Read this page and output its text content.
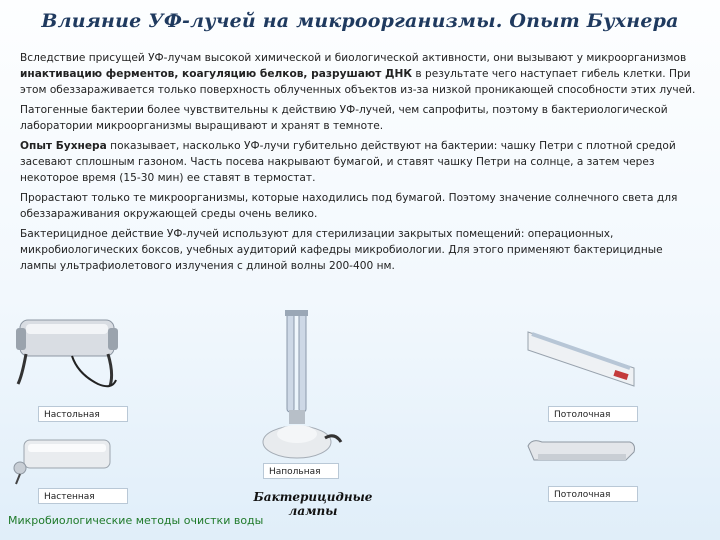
Влияние УФ-лучей на микроорганизмы. Опыт Бухнера

Вследствие присущей УФ-лучам высокой химической и биологической активности, они вызывают у микроорганизмов инактивацию ферментов, коагуляцию белков, разрушают ДНК в результате чего наступает гибель клетки. При этом обеззараживается только поверхность облученных объектов из-за низкой проникающей способности этих лучей.

Патогенные бактерии более чувствительны к действию УФ-лучей, чем сапрофиты, поэтому в бактериологической лаборатории микроорганизмы выращивают и хранят в темноте.

Опыт Бухнера показывает, насколько УФ-лучи губительно действуют на бактерии: чашку Петри с плотной средой засевают сплошным газоном. Часть посева накрывают бумагой, и ставят чашку Петри на солнце, а затем через некоторое время (15-30 мин) ее ставят в термостат.

Прорастают только те микроорганизмы, которые находились под бумагой. Поэтому значение солнечного света для обеззараживания окружающей среды очень велико.

Бактерицидное действие УФ-лучей используют для стерилизации закрытых помещений: операционных, микробиологических боксов, учебных аудиторий кафедры микробиологии. Для этого применяют бактерицидные лампы ультрафиолетового излучения с длиной волны 200-400 нм.

Настольная
Настенная
Напольная
Потолочная
Потолочная
Бактерицидные лампы
Микробиологические методы очистки воды
